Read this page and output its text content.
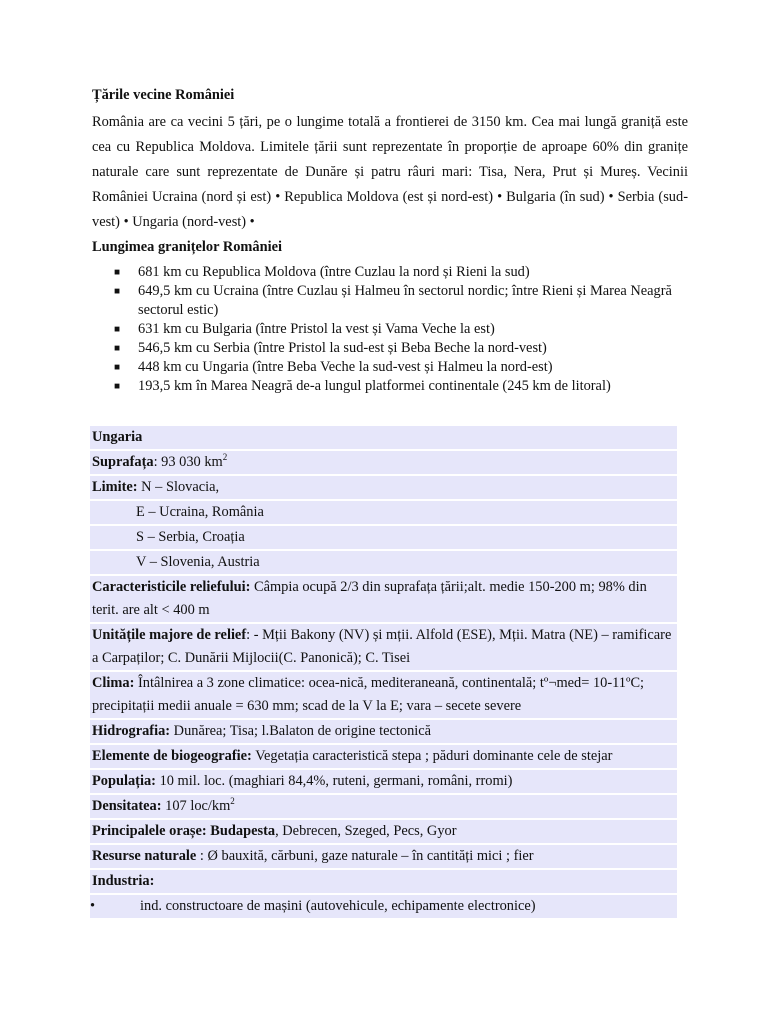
Țările vecine României

România are ca vecini 5 țări, pe o lungime totală a frontierei de 3150 km. Cea mai lungă graniță este cea cu Republica Moldova. Limitele țării sunt reprezentate în proporție de aproape 60% din granițe naturale care sunt reprezentate de Dunăre și patru râuri mari: Tisa, Nera, Prut și Mureș. Vecinii României Ucraina (nord și est) • Republica Moldova (est și nord-est) • Bulgaria (în sud) • Serbia (sud-vest) • Ungaria (nord-vest) •

Lungimea granițelor României
■ 681 km cu Republica Moldova (între Cuzlau la nord și Rieni la sud)
■ 649,5 km cu Ucraina (între Cuzlau și Halmeu în sectorul nordic; între Rieni și Marea Neagră sectorul estic)
■ 631 km cu Bulgaria (între Pristol la vest și Vama Veche la est)
■ 546,5 km cu Serbia (între Pristol la sud-est și Beba Beche la nord-vest)
■ 448 km cu Ungaria (între Beba Veche la sud-vest și Halmeu la nord-est)
■ 193,5 km în Marea Neagră de-a lungul platformei continentale (245 km de litoral)
Ungaria
Suprafața: 93 030 $km^2$
Limite: N – Slovacia,
E – Ucraina, România
S – Serbia, Croația
V – Slovenia, Austria
Caracteristicile reliefului: Câmpia ocupă 2/3 din suprafața țării;alt. medie 150-200 m; 98% din terit. are alt < 400 m
Unitățile majore de relief: - Mții Bakony (NV) și mții. Alfold (ESE), Mții. Matra (NE) – ramificare a Carpaților; C. Dunării Mijlocii(C. Panonică); C. Tisei
Clima: Întâlnirea a 3 zone climatice: ocea-nică, mediteraneană, continentală; tº¬med= 10-11ºC; precipitații medii anuale = 630 mm; scad de la V la E; vara – secete severe
Hidrografia: Dunărea; Tisa; l.Balaton de origine tectonică
Elemente de biogeografie: Vegetația caracteristică stepa ; păduri dominante cele de stejar
Populația: 10 mil. loc. (maghiari 84,4%, ruteni, germani, români, rromi)
Densitatea: 107 loc/$km^2$
Principalele orașe: Budapesta, Debrecen, Szeged, Pecs, Gyor
Resurse naturale : Ø bauxită, cărbuni, gaze naturale – în cantități mici ; fier
Industria:
•	ind. constructoare de mașini (autovehicule, echipamente electronice)
